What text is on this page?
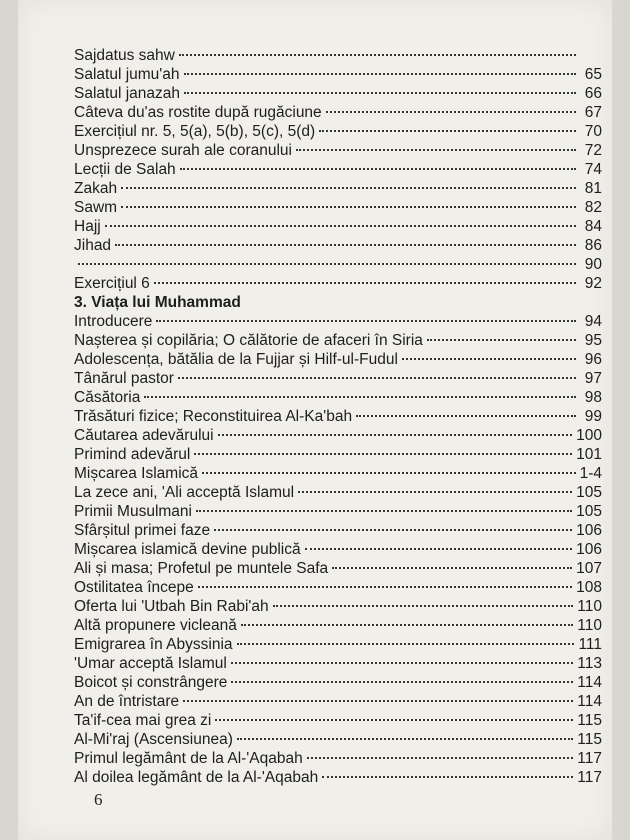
Sajdatus sahw
Salatul jumu'ah	65
Salatul janazah	66
Câteva du'as rostite după rugăciune	67
Exercițiul nr. 5, 5(a), 5(b), 5(c), 5(d)	70
Unsprezece surah ale coranului	72
Lecții de Salah	74
Zakah	81
Sawm	82
Hajj	84
Jihad	86
90
Exercițiul 6	92
3. Viața lui Muhammad
Introducere	94
Nașterea și copilăria; O călătorie de afaceri în Siria	95
Adolescența, bătălia de la Fujjar și Hilf-ul-Fudul	96
Tânărul pastor	97
Căsătoria	98
Trăsături fizice; Reconstituirea Al-Ka'bah	99
Căutarea adevărului	100
Primind adevărul	101
Mișcarea Islamică	1-4
La zece ani, 'Ali acceptă Islamul	105
Primii Musulmani	105
Sfârșitul primei faze	106
Mișcarea islamică devine publică	106
Ali și masa; Profetul pe muntele Safa	107
Ostilitatea începe	108
Oferta lui 'Utbah Bin Rabi'ah	110
Altă propunere vicleană	110
Emigrarea în Abyssinia	111
'Umar acceptă Islamul	113
Boicot și constrângere	114
An de întristare	114
Ta'if-cea mai grea zi	115
Al-Mi'raj (Ascensiunea)	115
Primul legământ de la Al-'Aqabah	117
Al doilea legământ de la Al-'Aqabah	117
6
